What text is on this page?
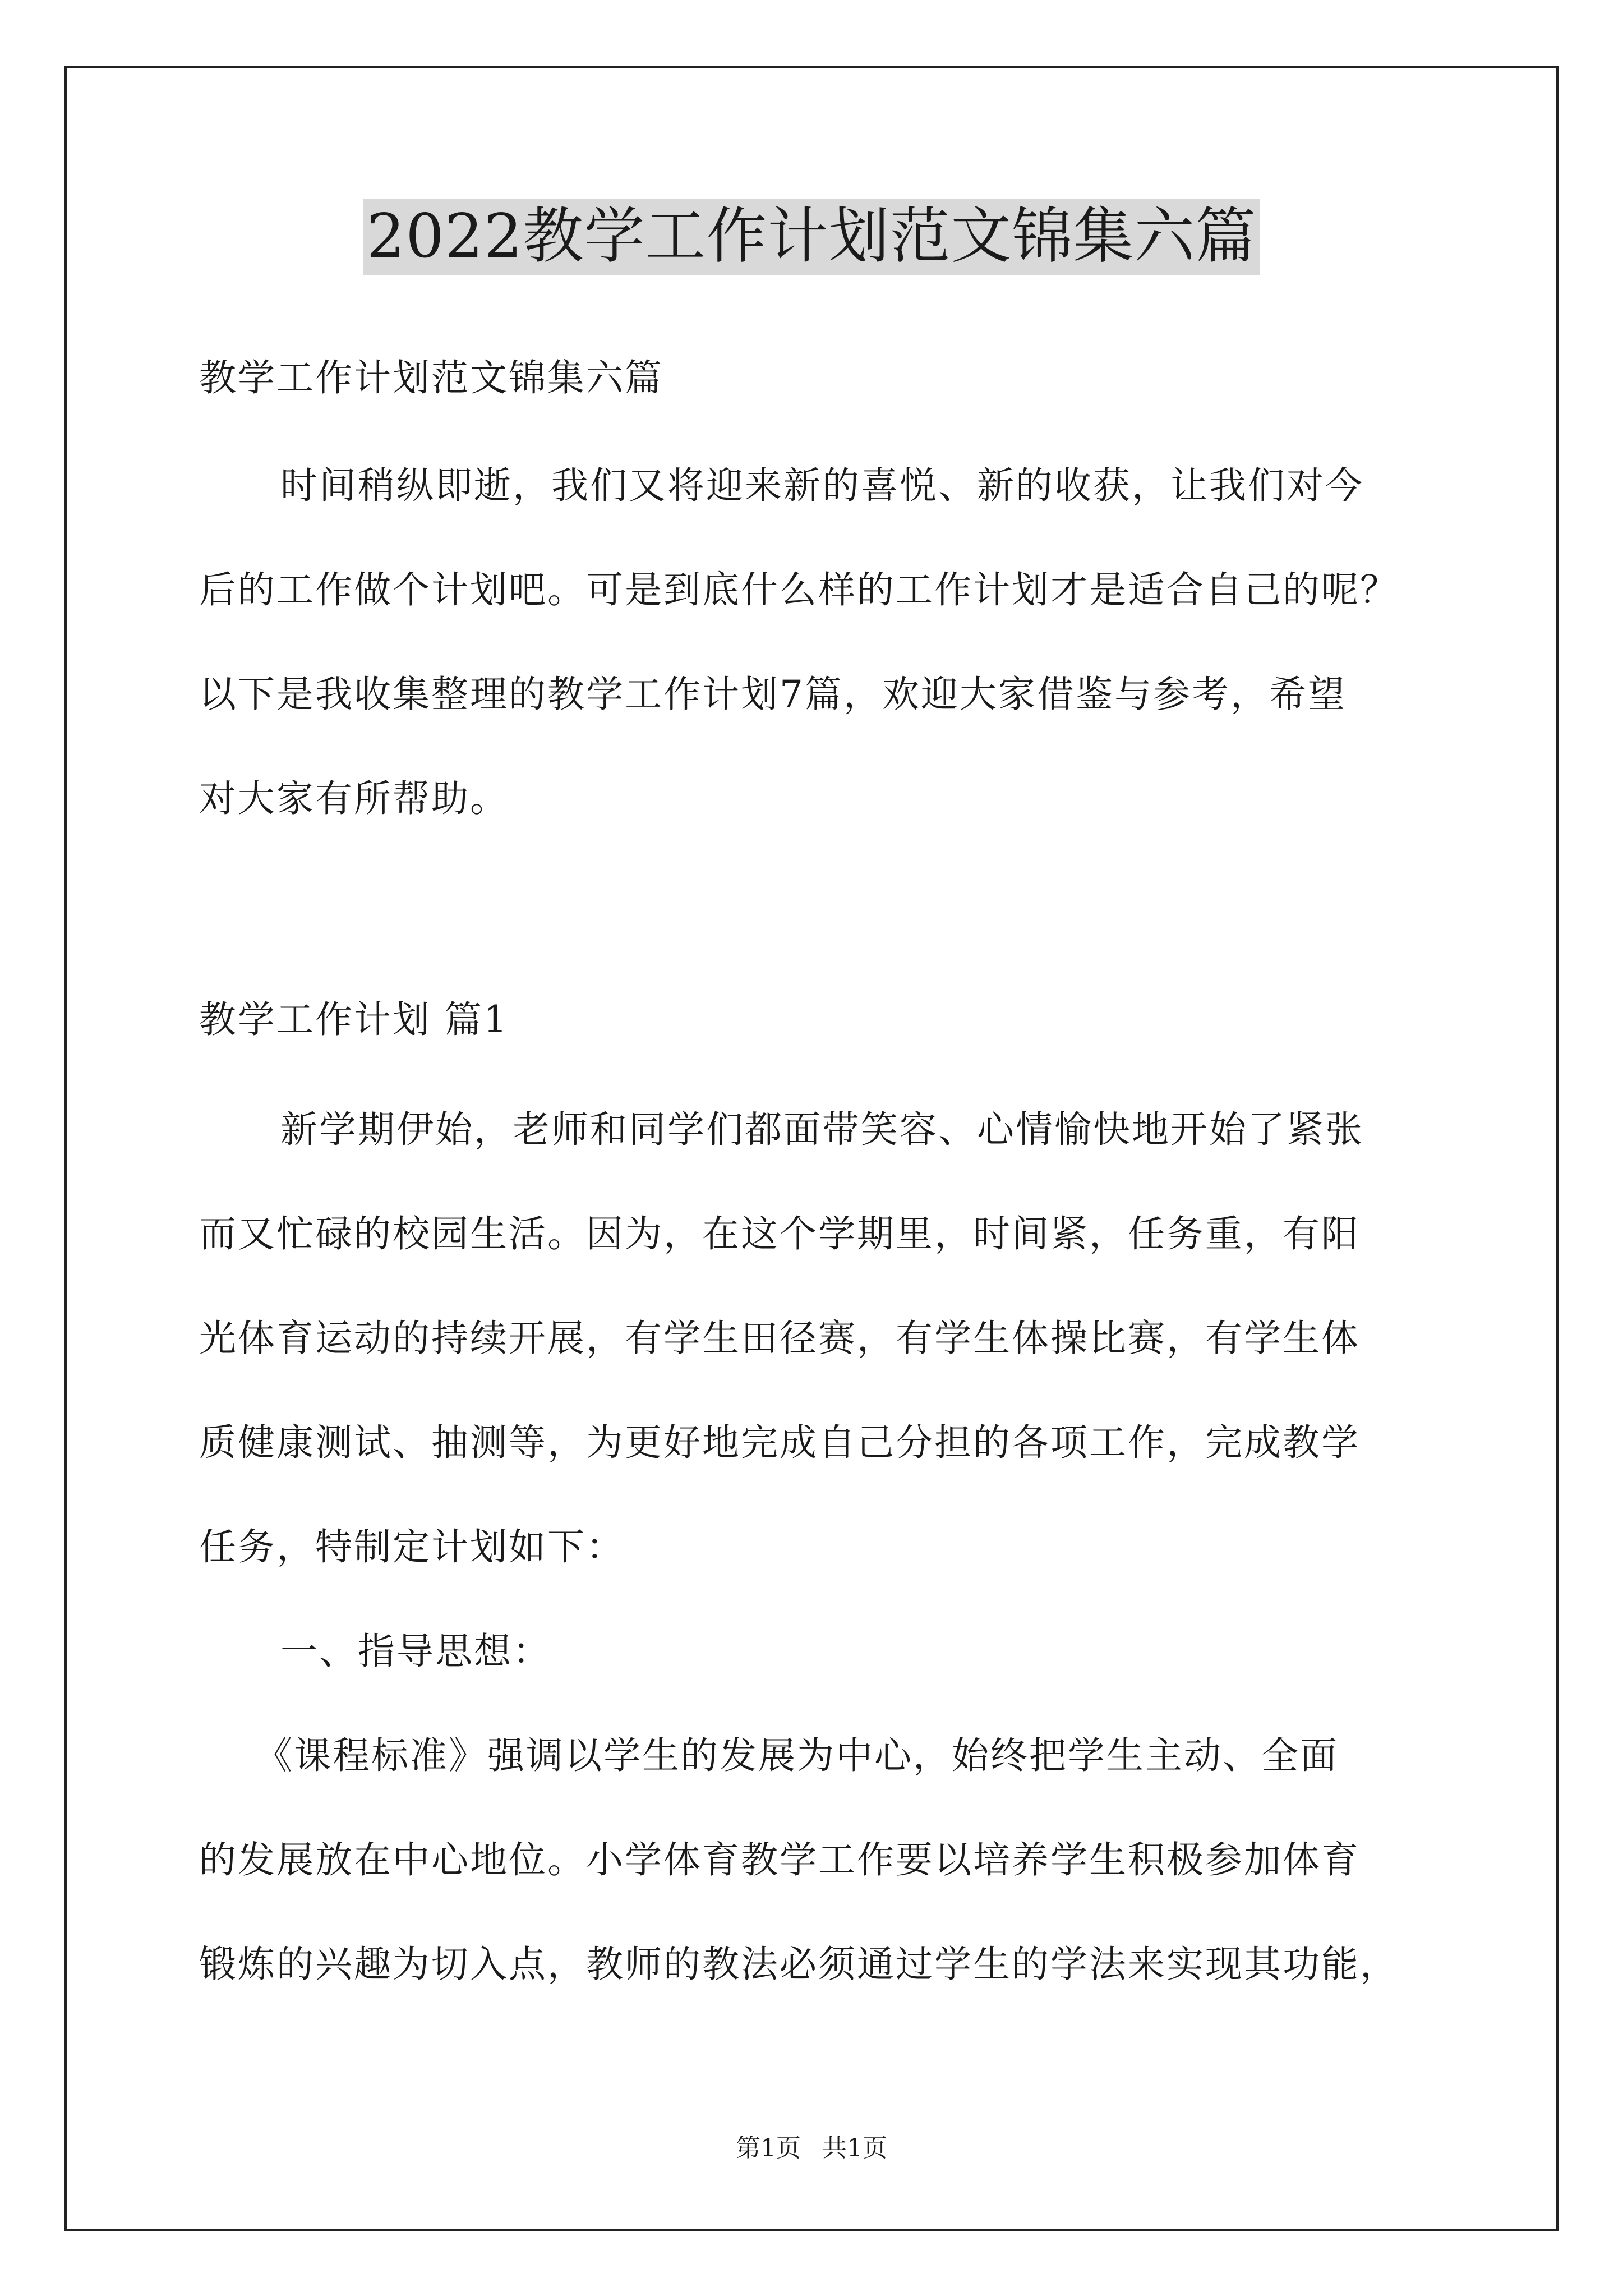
2022教学工作计划范文锦集六篇
教学工作计划范文锦集六篇
时间稍纵即逝，我们又将迎来新的喜悦、新的收获，让我们对今
后的工作做个计划吧。可是到底什么样的工作计划才是适合自己的呢？
以下是我收集整理的教学工作计划7篇，欢迎大家借鉴与参考，希望
对大家有所帮助。
教学工作计划 篇1
新学期伊始，老师和同学们都面带笑容、心情愉快地开始了紧张
而又忙碌的校园生活。因为，在这个学期里，时间紧，任务重，有阳
光体育运动的持续开展，有学生田径赛，有学生体操比赛，有学生体
质健康测试、抽测等，为更好地完成自己分担的各项工作，完成教学
任务，特制定计划如下：
一、指导思想：
《课程标准》强调以学生的发展为中心，始终把学生主动、全面
的发展放在中心地位。小学体育教学工作要以培养学生积极参加体育
锻炼的兴趣为切入点，教师的教法必须通过学生的学法来实现其功能，
第1页 共1页
